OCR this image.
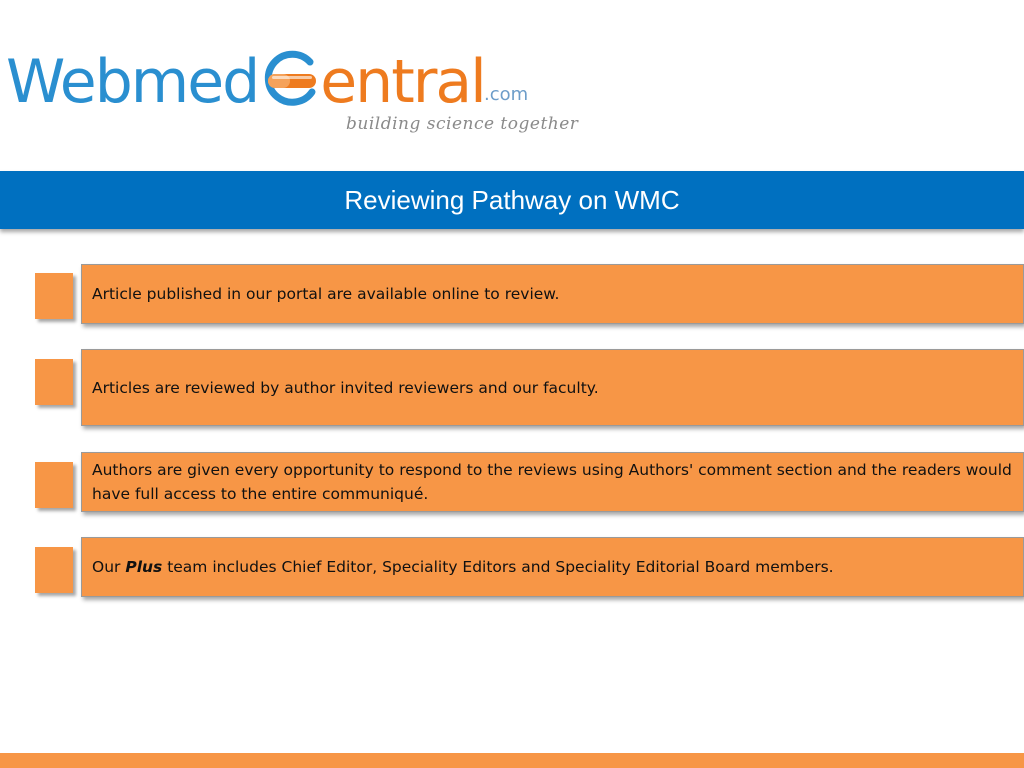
Webmed entral .com
building science together
Reviewing Pathway on WMC
Article published in our portal are available online to review.
Articles are reviewed by author invited reviewers and our faculty.
Authors are given every opportunity to respond to the reviews using Authors' comment section and the readers would have full access to the entire communiqué.
Our Plus team includes Chief Editor, Speciality Editors and Speciality Editorial Board members.
